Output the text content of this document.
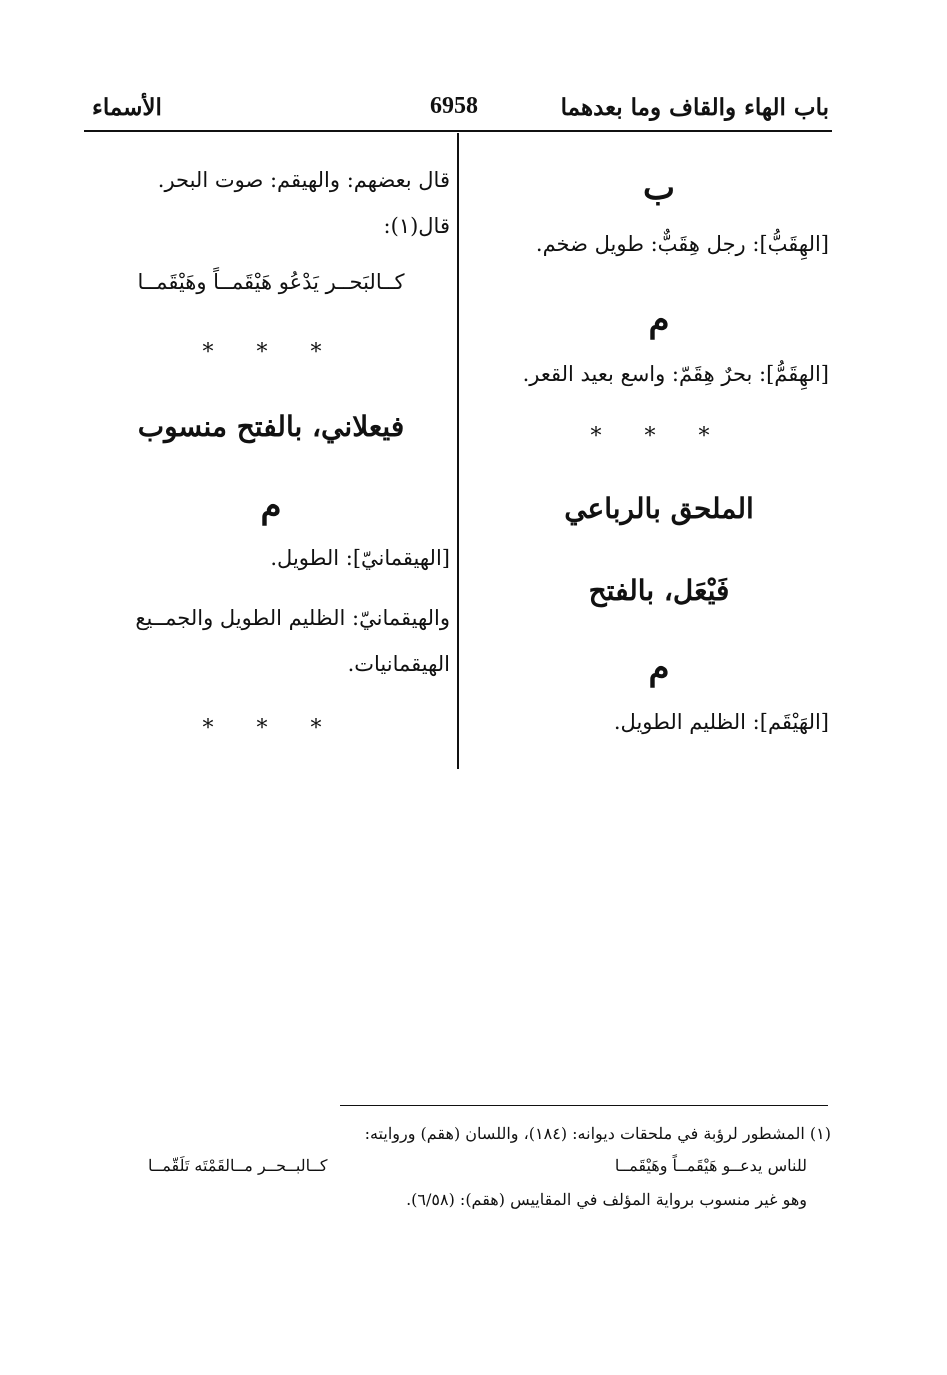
باب الهاء والقاف وما بعدهما
6958
الأسماء
ب
[الهِقَبُّ]: رجل هِقَبٌّ: طويل ضخم.
م
[الهِقَمُّ]: بحرٌ هِقَمّ: واسع بعيد القعر.
* * *
الملحق بالرباعي
فَيْعَل، بالفتح
م
[الهَيْقَم]: الظليم الطويل.
قال بعضهم: والهيقم: صوت البحر.
قال(١):
كــالبَحــر يَدْعُو هَيْقَمــاً وهَيْقَمــا
* * *
فيعلاني، بالفتح منسوب
م
[الهيقمانيّ]: الطويل.
والهيقمانيّ: الظليم الطويل والجمــيع
الهيقمانيات.
* * *
(١) المشطور لرؤبة في ملحقات ديوانه: (١٨٤)، واللسان (هقم) وروايته:
للناس يدعــو هَيْقَمــاً وهَيْقَمــا
كــالبــحــر مــالقَمْتَه تَلَقّمــا
وهو غير منسوب برواية المؤلف في المقاييس (هقم): (٦/٥٨).
